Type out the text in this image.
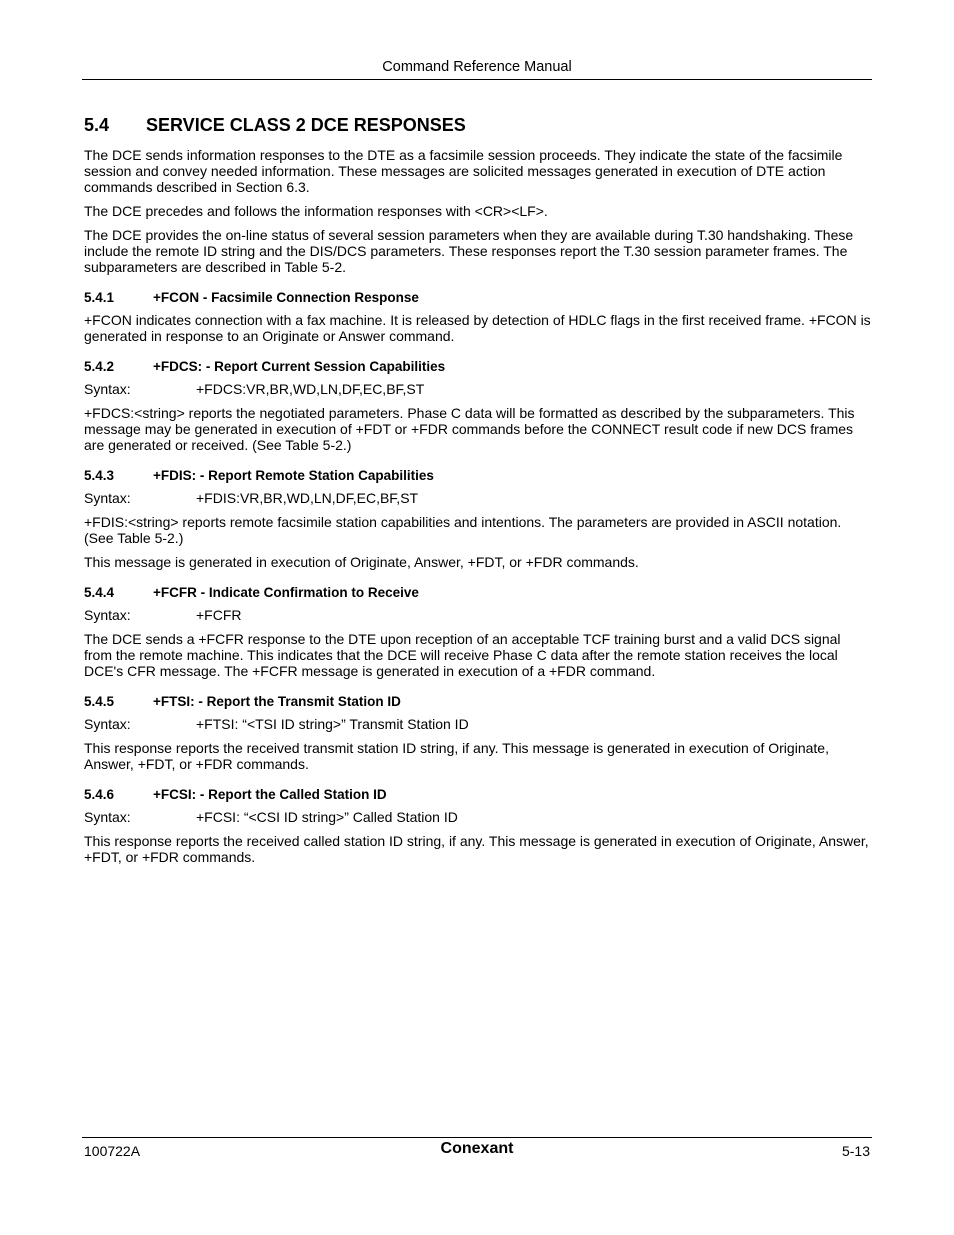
Command Reference Manual
5.4	SERVICE CLASS 2 DCE RESPONSES

The DCE sends information responses to the DTE as a facsimile session proceeds. They indicate the state of the facsimile session and convey needed information. These messages are solicited messages generated in execution of DTE action commands described in Section 6.3.

The DCE precedes and follows the information responses with <CR><LF>.

The DCE provides the on-line status of several session parameters when they are available during T.30 handshaking. These include the remote ID string and the DIS/DCS parameters. These responses report the T.30 session parameter frames. The subparameters are described in Table 5-2.

5.4.1	+FCON - Facsimile Connection Response

+FCON indicates connection with a fax machine. It is released by detection of HDLC flags in the first received frame. +FCON is generated in response to an Originate or Answer command.

5.4.2	+FDCS: - Report Current Session Capabilities
Syntax:	+FDCS:VR,BR,WD,LN,DF,EC,BF,ST

+FDCS:<string> reports the negotiated parameters. Phase C data will be formatted as described by the subparameters. This message may be generated in execution of +FDT or +FDR commands before the CONNECT result code if new DCS frames are generated or received. (See Table 5-2.)

5.4.3	+FDIS: - Report Remote Station Capabilities
Syntax:	+FDIS:VR,BR,WD,LN,DF,EC,BF,ST

+FDIS:<string> reports remote facsimile station capabilities and intentions. The parameters are provided in ASCII notation. (See Table 5-2.)

This message is generated in execution of Originate, Answer, +FDT, or +FDR commands.

5.4.4	+FCFR - Indicate Confirmation to Receive
Syntax:	+FCFR

The DCE sends a +FCFR response to the DTE upon reception of an acceptable TCF training burst and a valid DCS signal from the remote machine. This indicates that the DCE will receive Phase C data after the remote station receives the local DCE's CFR message. The +FCFR message is generated in execution of a +FDR command.

5.4.5	+FTSI: - Report the Transmit Station ID
Syntax:	+FTSI: “<TSI ID string>” Transmit Station ID

This response reports the received transmit station ID string, if any. This message is generated in execution of Originate, Answer, +FDT, or +FDR commands.

5.4.6	+FCSI: - Report the Called Station ID
Syntax:	+FCSI: “<CSI ID string>” Called Station ID

This response reports the received called station ID string, if any. This message is generated in execution of Originate, Answer, +FDT, or +FDR commands.

100722A	Conexant	5-13
